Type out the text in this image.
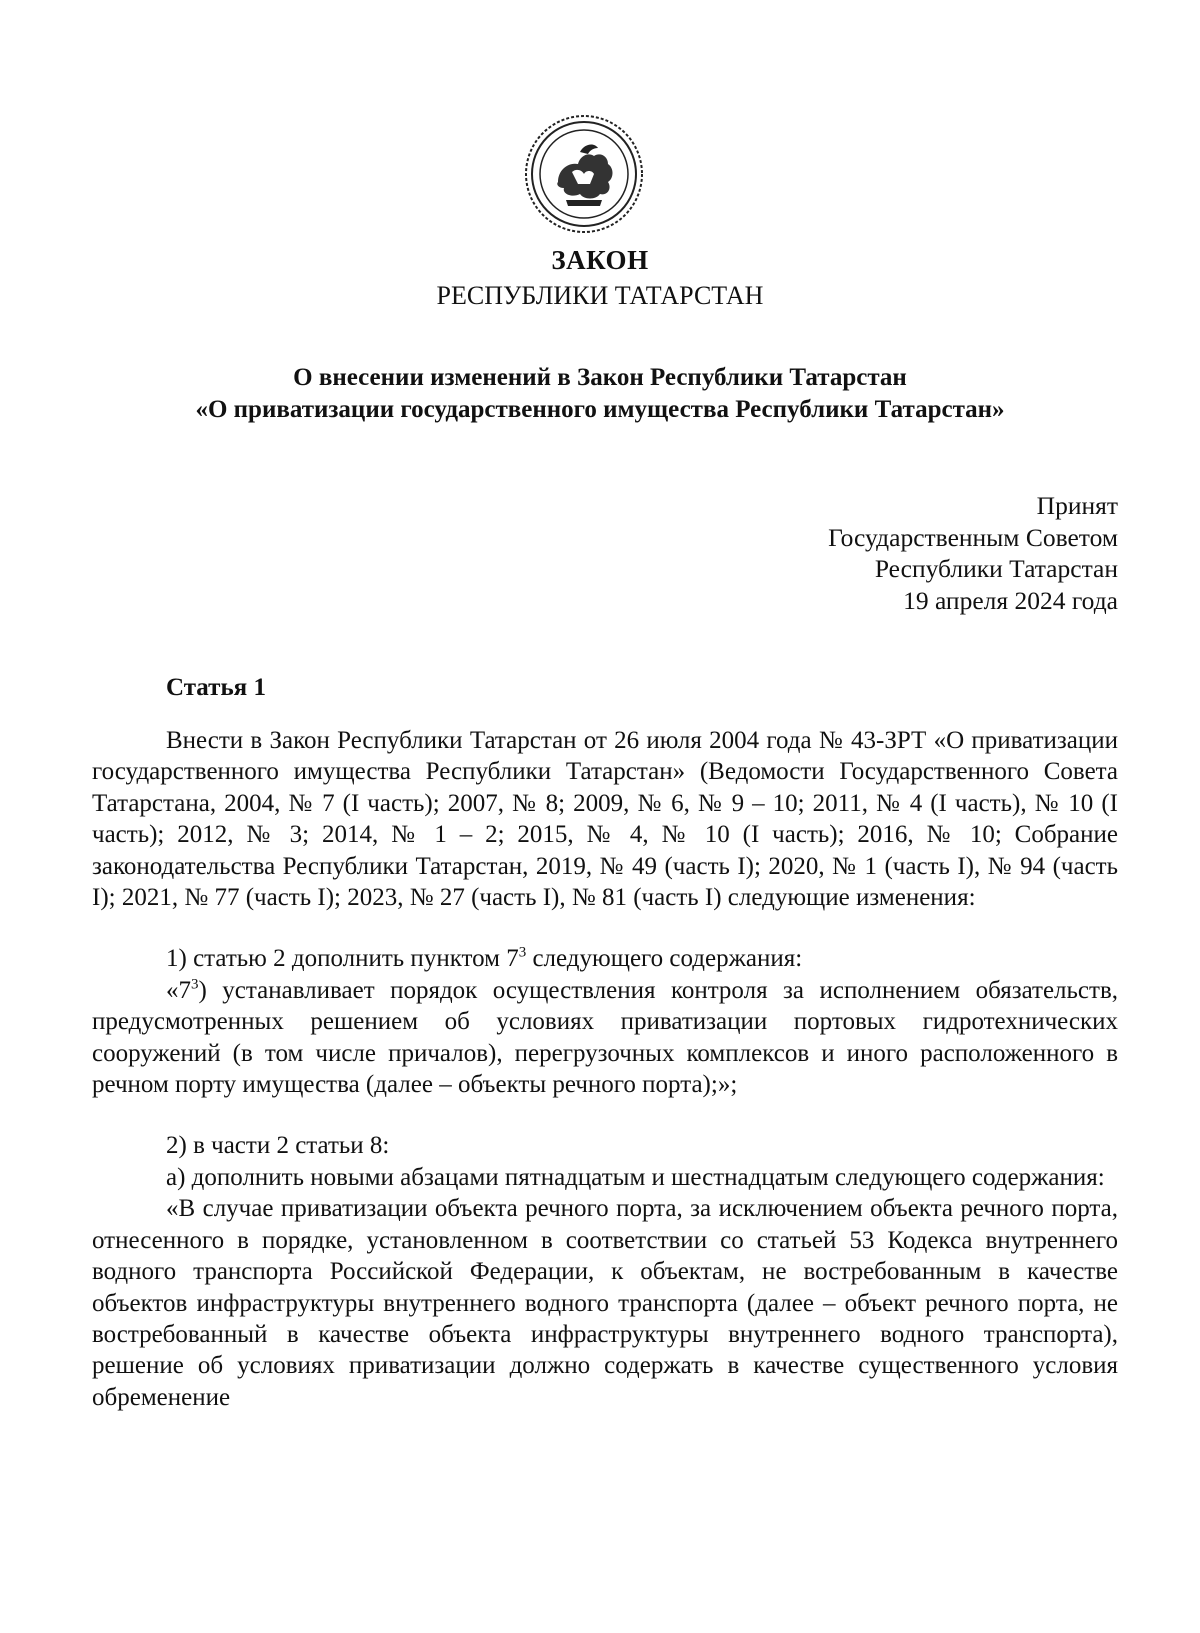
ЗАКОН
РЕСПУБЛИКИ ТАТАРСТАН
О внесении изменений в Закон Республики Татарстан
«О приватизации государственного имущества Республики Татарстан»
Принят
Государственным Советом
Республики Татарстан
19 апреля 2024 года
Статья 1

Внести в Закон Республики Татарстан от 26 июля 2004 года № 43-ЗРТ «О приватизации государственного имущества Республики Татарстан» (Ведомости Государственного Совета Татарстана, 2004, № 7 (I часть); 2007, № 8; 2009, № 6, № 9 – 10; 2011, № 4 (I часть), № 10 (I часть); 2012, № 3; 2014, № 1 – 2; 2015, № 4, № 10 (I часть); 2016, № 10; Собрание законодательства Республики Татарстан, 2019, № 49 (часть I); 2020, № 1 (часть I), № 94 (часть I); 2021, № 77 (часть I); 2023, № 27 (часть I), № 81 (часть I) следующие изменения:

1) статью 2 дополнить пунктом $7^3$ следующего содержания:

«$7^3$) устанавливает порядок осуществления контроля за исполнением обязательств, предусмотренных решением об условиях приватизации портовых гидротехнических сооружений (в том числе причалов), перегрузочных комплексов и иного расположенного в речном порту имущества (далее – объекты речного порта);»;

2) в части 2 статьи 8:

а) дополнить новыми абзацами пятнадцатым и шестнадцатым следующего содержания:

«В случае приватизации объекта речного порта, за исключением объекта речного порта, отнесенного в порядке, установленном в соответствии со статьей 53 Кодекса внутреннего водного транспорта Российской Федерации, к объектам, не востребованным в качестве объектов инфраструктуры внутреннего водного транспорта (далее – объект речного порта, не востребованный в качестве объекта инфраструктуры внутреннего водного транспорта), решение об условиях приватизации должно содержать в качестве существенного условия обременение
